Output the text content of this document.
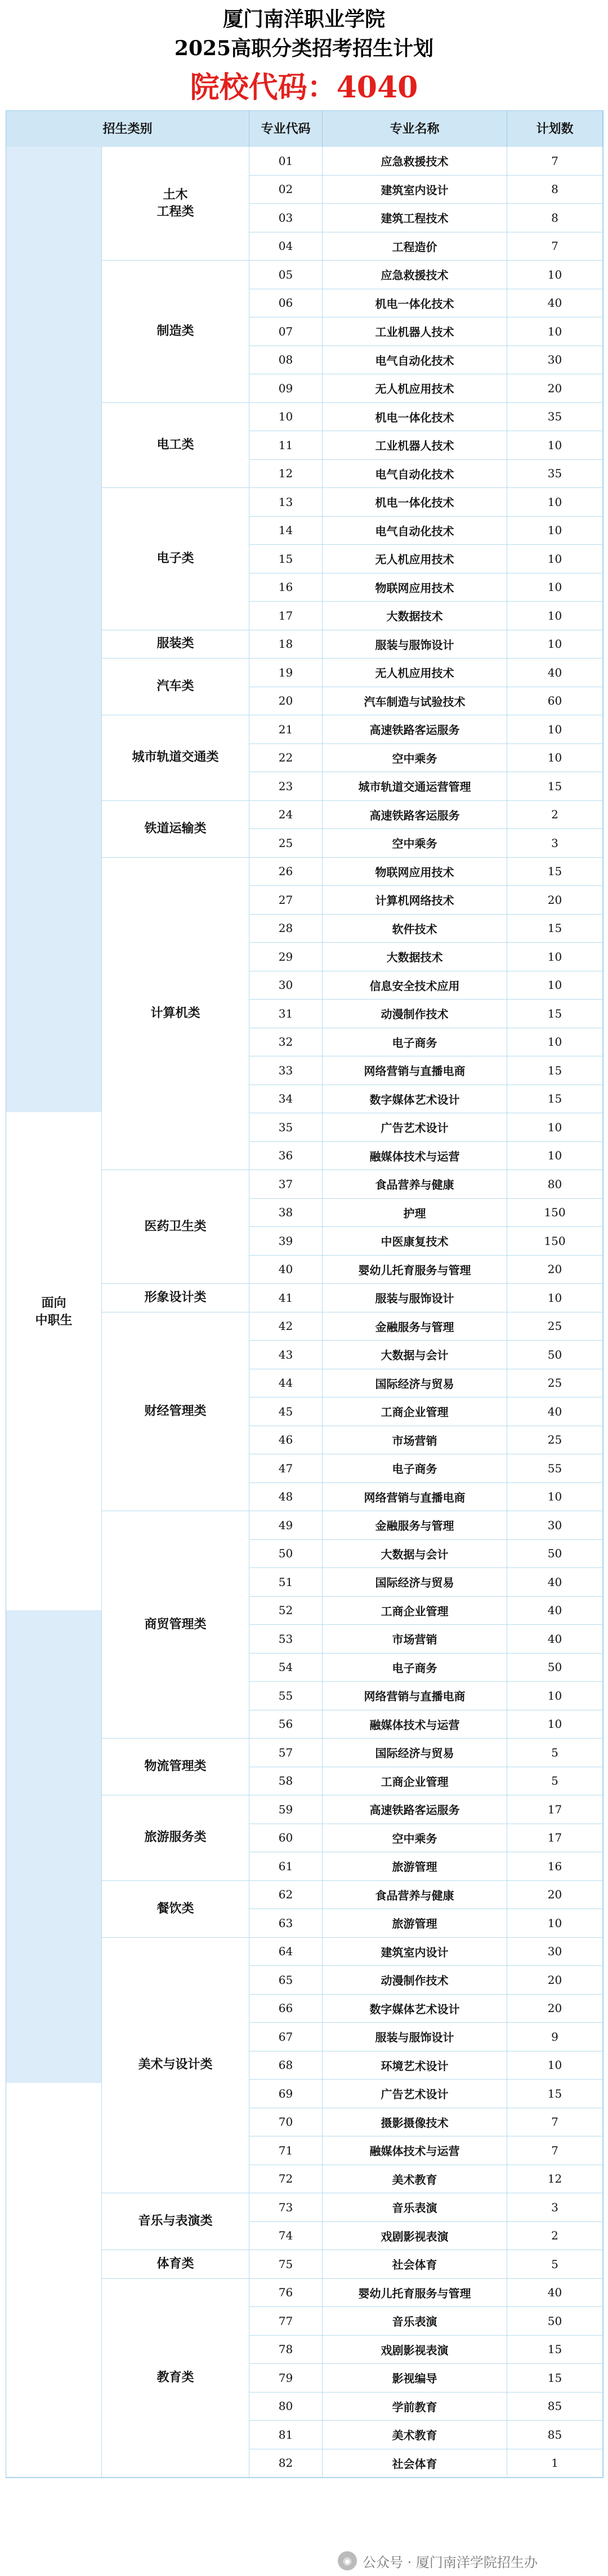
厦门南洋职业学院
2025高职分类招考招生计划
院校代码：4040
招生类别	专业代码	专业名称	计划数
面向
中职生
土木
工程类
01	应急救援技术	7
02	建筑室内设计	8
03	建筑工程技术	8
04	工程造价	7
制造类
05	应急救援技术	10
06	机电一体化技术	40
07	工业机器人技术	10
08	电气自动化技术	30
09	无人机应用技术	20
电工类
10	机电一体化技术	35
11	工业机器人技术	10
12	电气自动化技术	35
电子类
13	机电一体化技术	10
14	电气自动化技术	10
15	无人机应用技术	10
16	物联网应用技术	10
17	大数据技术	10
服装类	18	服装与服饰设计	10
汽车类
19	无人机应用技术	40
20	汽车制造与试验技术	60
城市轨道交通类
21	高速铁路客运服务	10
22	空中乘务	10
23	城市轨道交通运营管理	15
铁道运输类
24	高速铁路客运服务	2
25	空中乘务	3
计算机类
26	物联网应用技术	15
27	计算机网络技术	20
28	软件技术	15
29	大数据技术	10
30	信息安全技术应用	10
31	动漫制作技术	15
32	电子商务	10
33	网络营销与直播电商	15
34	数字媒体艺术设计	15
35	广告艺术设计	10
36	融媒体技术与运营	10
医药卫生类
37	食品营养与健康	80
38	护理	150
39	中医康复技术	150
40	婴幼儿托育服务与管理	20
形象设计类	41	服装与服饰设计	10
财经管理类
42	金融服务与管理	25
43	大数据与会计	50
44	国际经济与贸易	25
45	工商企业管理	40
46	市场营销	25
47	电子商务	55
48	网络营销与直播电商	10
商贸管理类
49	金融服务与管理	30
50	大数据与会计	50
51	国际经济与贸易	40
52	工商企业管理	40
53	市场营销	40
54	电子商务	50
55	网络营销与直播电商	10
56	融媒体技术与运营	10
物流管理类
57	国际经济与贸易	5
58	工商企业管理	5
旅游服务类
59	高速铁路客运服务	17
60	空中乘务	17
61	旅游管理	16
餐饮类
62	食品营养与健康	20
63	旅游管理	10
美术与设计类
64	建筑室内设计	30
65	动漫制作技术	20
66	数字媒体艺术设计	20
67	服装与服饰设计	9
68	环境艺术设计	10
69	广告艺术设计	15
70	摄影摄像技术	7
71	融媒体技术与运营	7
72	美术教育	12
音乐与表演类
73	音乐表演	3
74	戏剧影视表演	2
体育类	75	社会体育	5
教育类
76	婴幼儿托育服务与管理	40
77	音乐表演	50
78	戏剧影视表演	15
79	影视编导	15
80	学前教育	85
81	美术教育	85
82	社会体育	1
◉ 公众号 · 厦门南洋学院招生办
